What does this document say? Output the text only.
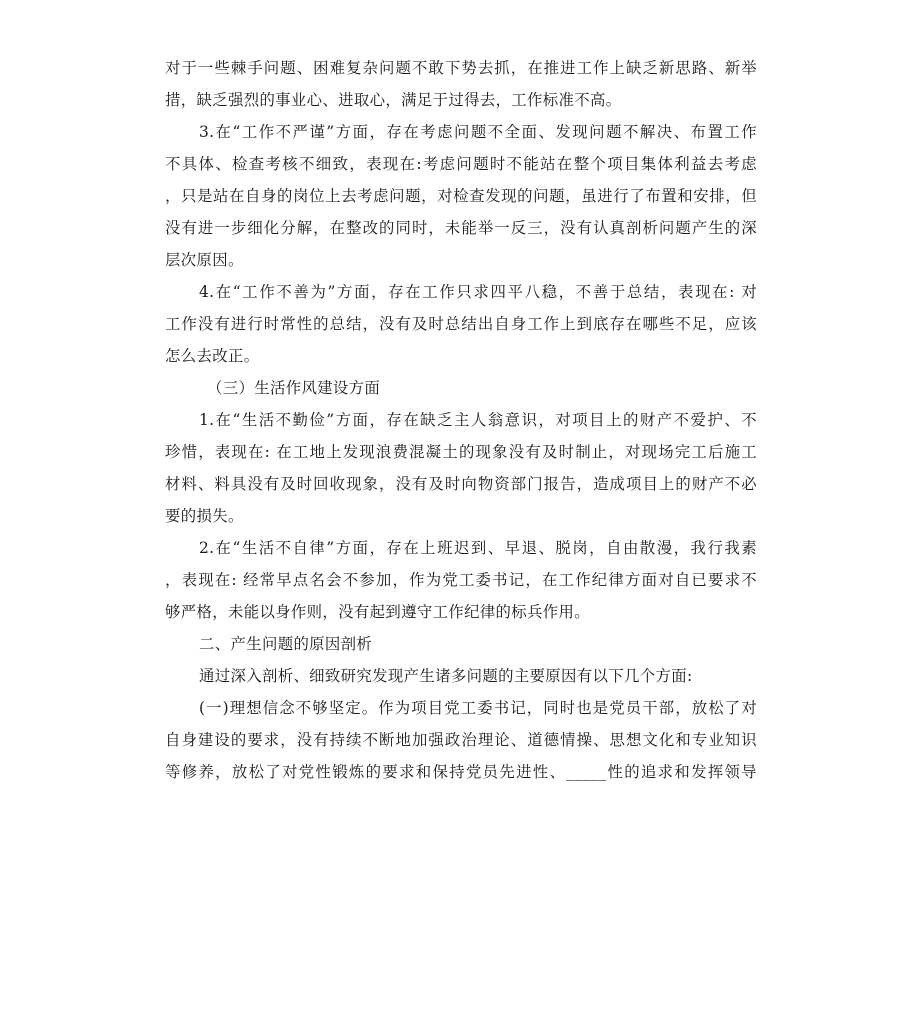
对于一些棘手问题、困难复杂问题不敢下势去抓，在推进工作上缺乏新思路、新举
措，缺乏强烈的事业心、进取心，满足于过得去，工作标准不高。
3.在“工作不严谨”方面，存在考虑问题不全面、发现问题不解决、布置工作
不具体、检查考核不细致，表现在:考虑问题时不能站在整个项目集体利益去考虑
，只是站在自身的岗位上去考虑问题，对检查发现的问题，虽进行了布置和安排，但
没有进一步细化分解，在整改的同时，未能举一反三，没有认真剖析问题产生的深
层次原因。
4.在“工作不善为”方面，存在工作只求四平八稳，不善于总结，表现在: 对
工作没有进行时常性的总结，没有及时总结出自身工作上到底存在哪些不足，应该
怎么去改正。
（三）生活作风建设方面
1.在“生活不勤俭”方面，存在缺乏主人翁意识，对项目上的财产不爱护、不
珍惜，表现在: 在工地上发现浪费混凝土的现象没有及时制止，对现场完工后施工
材料、料具没有及时回收现象，没有及时向物资部门报告，造成项目上的财产不必
要的损失。
2.在“生活不自律”方面，存在上班迟到、早退、脱岗，自由散漫，我行我素
，表现在: 经常早点名会不参加，作为党工委书记，在工作纪律方面对自已要求不
够严格，未能以身作则，没有起到遵守工作纪律的标兵作用。
二、产生问题的原因剖析
通过深入剖析、细致研究发现产生诸多问题的主要原因有以下几个方面:
(一)理想信念不够坚定。作为项目党工委书记，同时也是党员干部，放松了对
自身建设的要求，没有持续不断地加强政治理论、道德情操、思想文化和专业知识
等修养，放松了对党性锻炼的要求和保持党员先进性、_____性的追求和发挥领导
